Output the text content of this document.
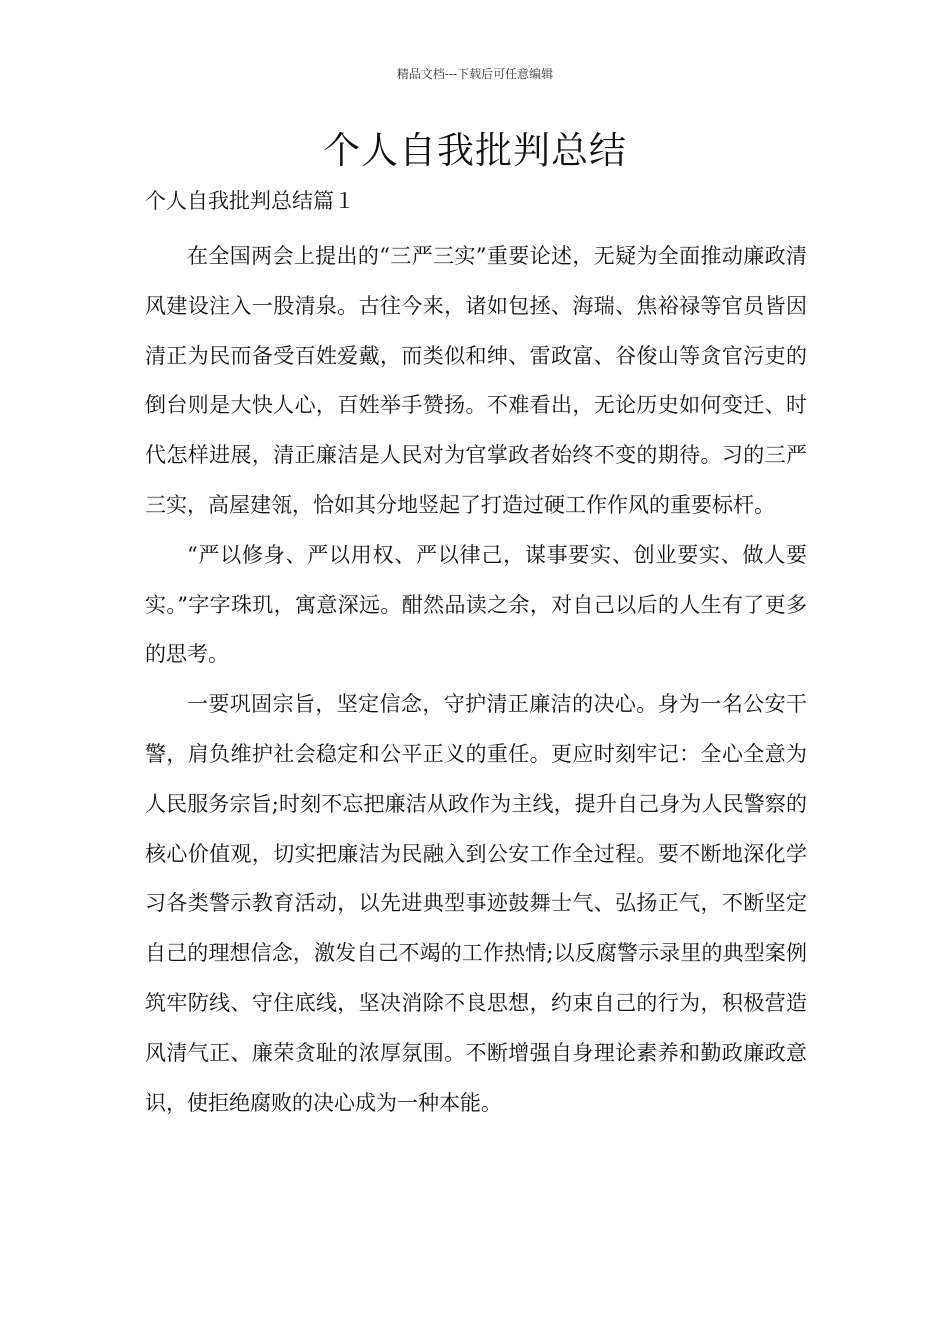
精品文档---下载后可任意编辑
个人自我批判总结
个人自我批判总结篇１

在全国两会上提出的“三严三实”重要论述，无疑为全面推动廉政清风建设注入一股清泉。古往今来，诸如包拯、海瑞、焦裕禄等官员皆因清正为民而备受百姓爱戴，而类似和绅、雷政富、谷俊山等贪官污吏的倒台则是大快人心，百姓举手赞扬。不难看出，无论历史如何变迁、时代怎样进展，清正廉洁是人民对为官掌政者始终不变的期待。习的三严三实，高屋建瓴，恰如其分地竖起了打造过硬工作作风的重要标杆。

“严以修身、严以用权、严以律己，谋事要实、创业要实、做人要实。”字字珠玑，寓意深远。酣然品读之余，对自己以后的人生有了更多的思考。

一要巩固宗旨，坚定信念，守护清正廉洁的决心。身为一名公安干警，肩负维护社会稳定和公平正义的重任。更应时刻牢记：全心全意为人民服务宗旨;时刻不忘把廉洁从政作为主线，提升自己身为人民警察的核心价值观，切实把廉洁为民融入到公安工作全过程。要不断地深化学习各类警示教育活动，以先进典型事迹鼓舞士气、弘扬正气，不断坚定自己的理想信念，激发自己不竭的工作热情;以反腐警示录里的典型案例筑牢防线、守住底线，坚决消除不良思想，约束自己的行为，积极营造风清气正、廉荣贪耻的浓厚氛围。不断增强自身理论素养和勤政廉政意识，使拒绝腐败的决心成为一种本能。
